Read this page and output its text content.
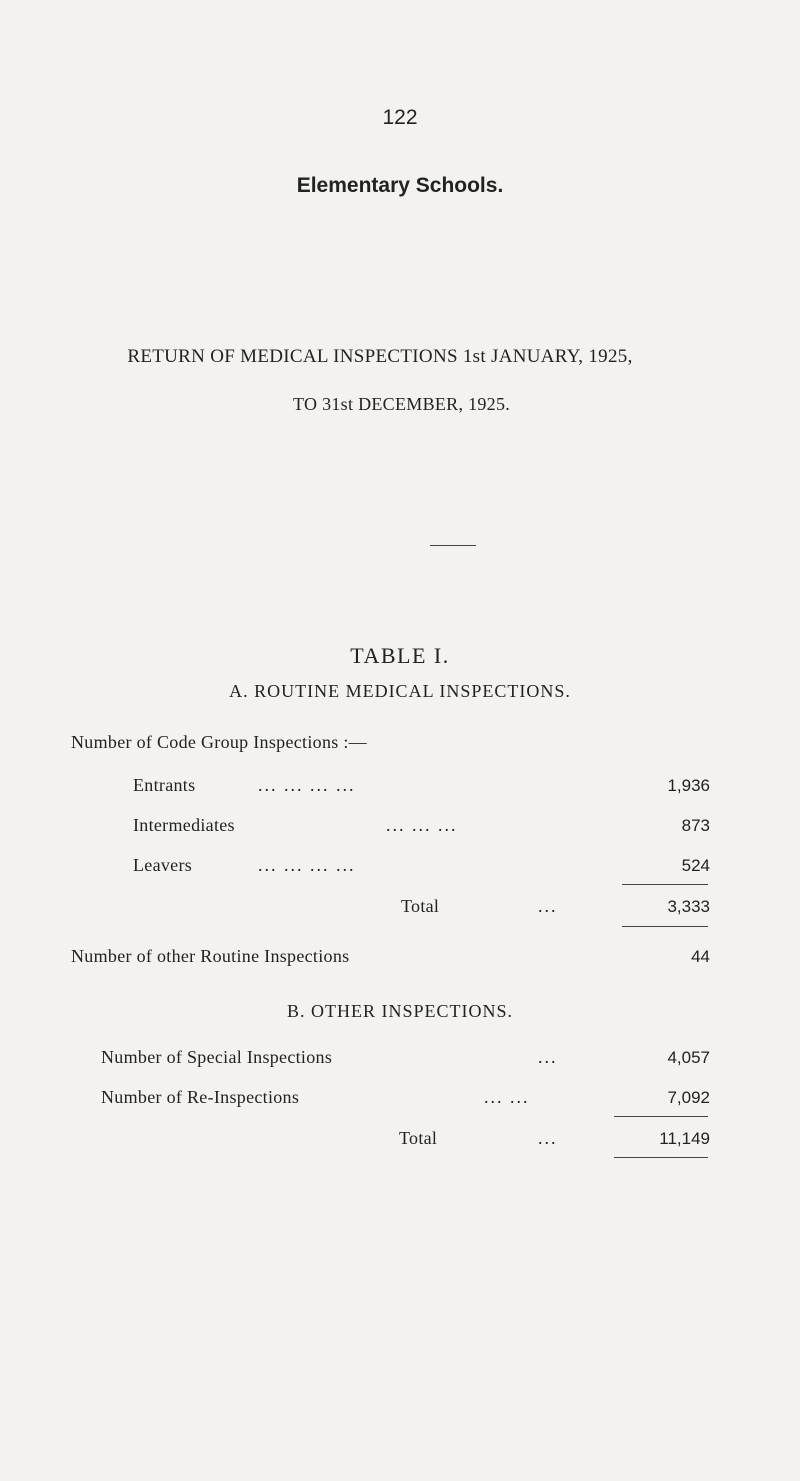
122
Elementary Schools.
RETURN OF MEDICAL INSPECTIONS 1st JANUARY, 1925,
TO 31st DECEMBER, 1925.
TABLE I.
A. ROUTINE MEDICAL INSPECTIONS.
Number of Code Group Inspections :—
Entrants	... ... ... ...	1,936
Intermediates	... ... ...	873
Leavers	... ... ... ...	524
Total	...	3,333
Number of other Routine Inspections	44
B. OTHER INSPECTIONS.
Number of Special Inspections	...	4,057
Number of Re-Inspections	... ...	7,092
Total	...	11,149
